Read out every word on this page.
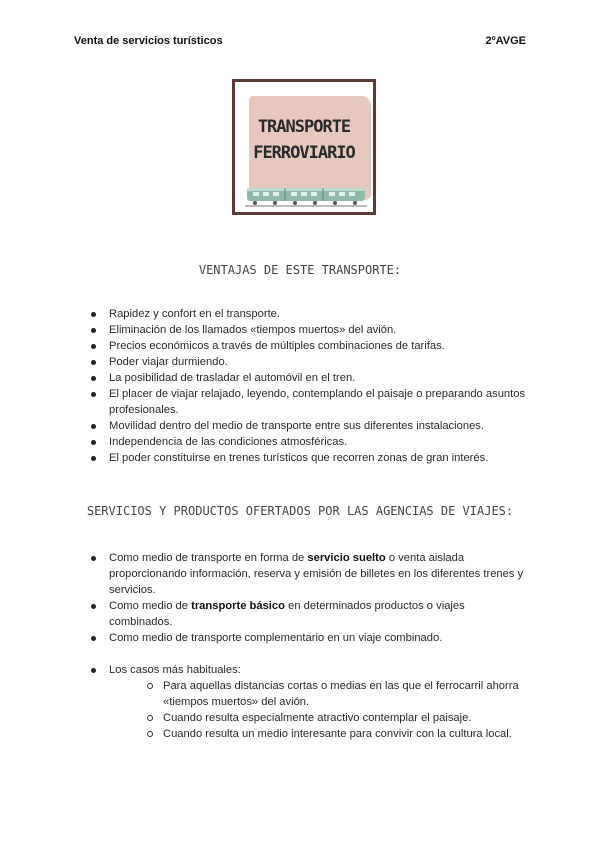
Venta de servicios turísticos	2ºAVGE
TRANSPORTE
FERROVIARIO
VENTAJAS DE ESTE TRANSPORTE:
Rapidez y confort en el transporte.
Eliminación de los llamados «tiempos muertos» del avión.
Precios económicos a través de múltiples combinaciones de tarifas.
Poder viajar durmiendo.
La posibilidad de trasladar el automóvil en el tren.
El placer de viajar relajado, leyendo, contemplando el paisaje o preparando asuntos profesionales.
Movilidad dentro del medio de transporte entre sus diferentes instalaciones.
Independencia de las condiciones atmosféricas.
El poder constituirse en trenes turísticos que recorren zonas de gran interés.
SERVICIOS Y PRODUCTOS OFERTADOS POR LAS AGENCIAS DE VIAJES:
Como medio de transporte en forma de servicio suelto o venta aislada proporcionando información, reserva y emisión de billetes en los diferentes trenes y servicios.
Como medio de transporte básico en determinados productos o viajes combinados.
Como medio de transporte complementario en un viaje combinado.
Los casos más habituales:
Para aquellas distancias cortas o medias en las que el ferrocarril ahorra «tiempos muertos» del avión.
Cuando resulta especialmente atractivo contemplar el paisaje.
Cuando resulta un medio interesante para convivir con la cultura local.
